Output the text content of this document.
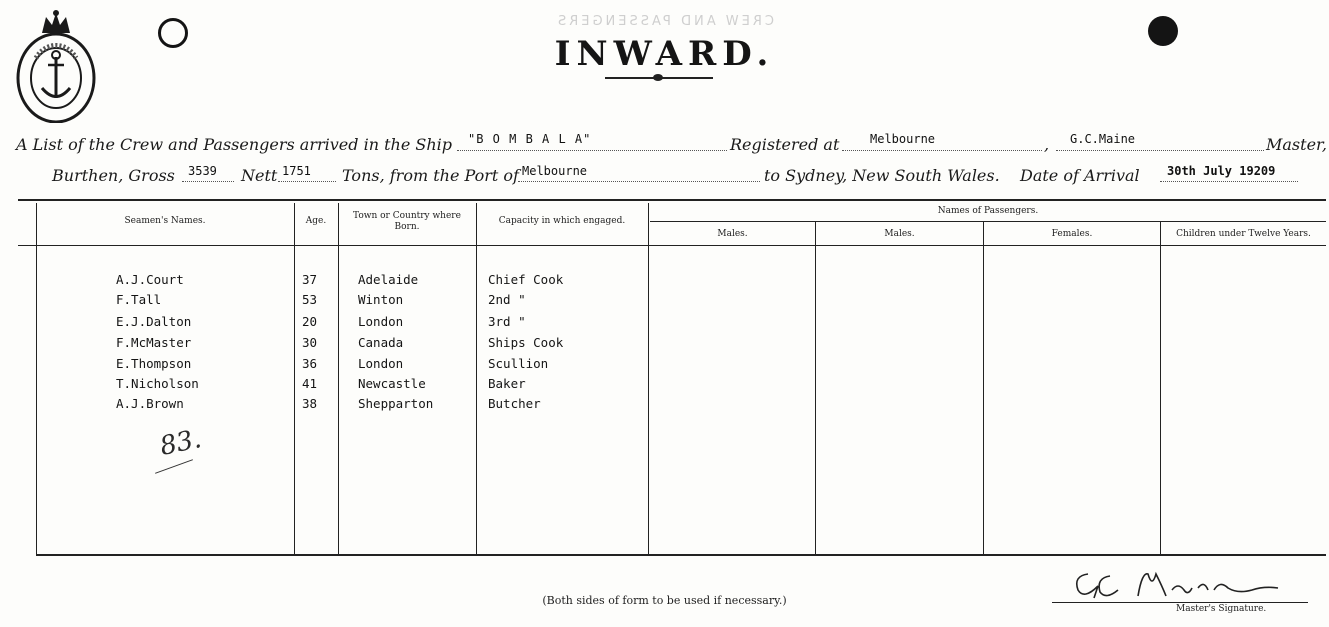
CREW AND PASSENGERS
INWARD.
A List of the Crew and Passengers arrived in the Ship "B O M B A L A"	Registered at	Melbourne	, G.C.Maine	Master,
Burthen, Gross 3539 Nett 1751 Tons, from the Port of Melbourne	to Sydney, New South Wales. Date of Arrival 30th July 19209
Seamen's Names.	Age.	Town or Country where Born.
Capacity in which engaged.
Names of Passengers.
Males.	Males.	Females.	Children under Twelve Years.
A.J.Court	37	Adelaide	Chief Cook
F.Tall	53	Winton	2nd "
E.J.Dalton	20	London	3rd "
F.McMaster	30	Canada	Ships Cook
E.Thompson	36	London	Scullion
T.Nicholson	41	Newcastle	Baker
A.J.Brown	38	Shepparton	Butcher
83.
(Both sides of form to be used if necessary.)
Master's Signature.
